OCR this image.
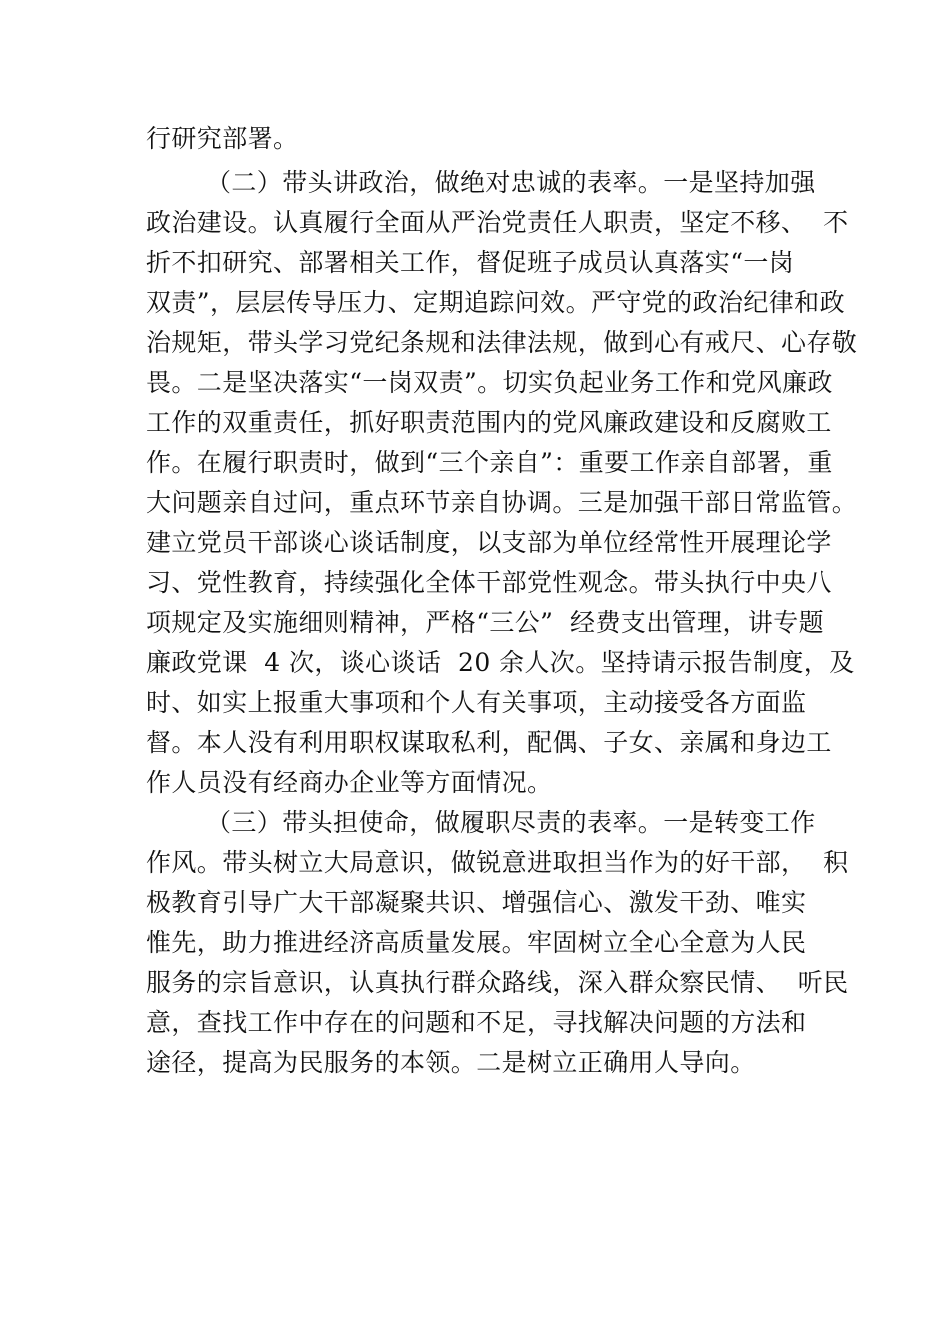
行研究部署。
（二）带头讲政治，做绝对忠诚的表率。一是坚持加强
政治建设。认真履行全面从严治党责任人职责，坚定不移、  不
折不扣研究、部署相关工作，督促班子成员认真落实“一岗
双责”，层层传导压力、定期追踪问效。严守党的政治纪律和政
治规矩，带头学习党纪条规和法律法规，做到心有戒尺、心存敬
畏。二是坚决落实“一岗双责”。切实负起业务工作和党风廉政
工作的双重责任，抓好职责范围内的党风廉政建设和反腐败工
作。在履行职责时，做到“三个亲自”：重要工作亲自部署，重
大问题亲自过问，重点环节亲自协调。三是加强干部日常监管。
建立党员干部谈心谈话制度，以支部为单位经常性开展理论学
习、党性教育，持续强化全体干部党性观念。带头执行中央八
项规定及实施细则精神，严格“三公”  经费支出管理，讲专题
廉政党课  4 次，谈心谈话  20 余人次。坚持请示报告制度，及
时、如实上报重大事项和个人有关事项，主动接受各方面监
督。本人没有利用职权谋取私利，配偶、子女、亲属和身边工
作人员没有经商办企业等方面情况。
（三）带头担使命，做履职尽责的表率。一是转变工作
作风。带头树立大局意识，做锐意进取担当作为的好干部，  积
极教育引导广大干部凝聚共识、增强信心、激发干劲、唯实
惟先，助力推进经济高质量发展。牢固树立全心全意为人民
服务的宗旨意识，认真执行群众路线，深入群众察民情、  听民
意，查找工作中存在的问题和不足，寻找解决问题的方法和
途径，提高为民服务的本领。二是树立正确用人导向。
